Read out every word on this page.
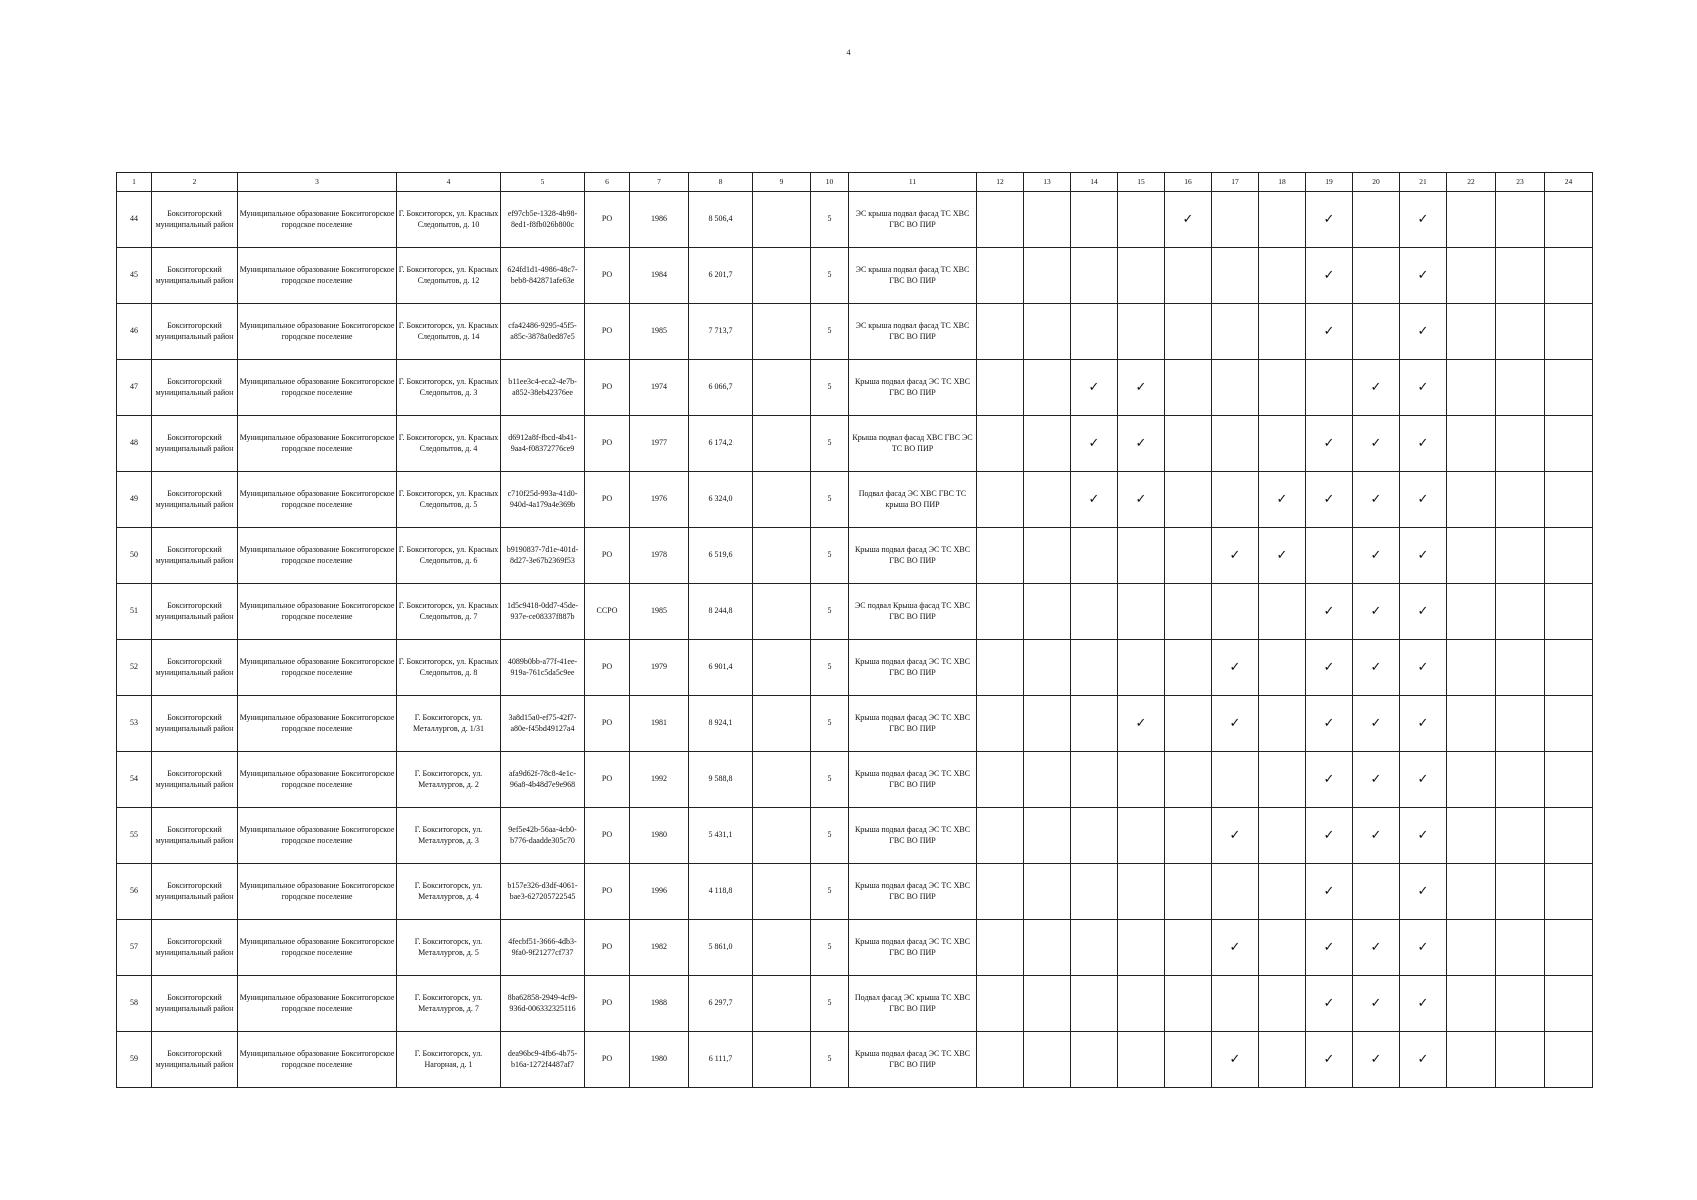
4
1	2	3	4	5	6	7	8	9	10	11	12	13	14	15	16	17	18	19	20	21	22	23	24
44	Бокситогорский муниципальный район	Муниципальное образование Бокситогорское городское поселение	Г. Бокситогорск, ул. Красных Следопытов, д. 10	ef97cb5e-1328-4b98-8ed1-f8fb026b800c	РО	1986	8 506,4		5	ЭС крыша подвал фасад ТС ХВС ГВС ВО ПИР					✓			✓		✓			
45	Бокситогорский муниципальный район	Муниципальное образование Бокситогорское городское поселение	Г. Бокситогорск, ул. Красных Следопытов, д. 12	624fd1d1-4986-48c7-beb8-842871afe63e	РО	1984	6 201,7		5	ЭС крыша подвал фасад ТС ХВС ГВС ВО ПИР								✓		✓			
46	Бокситогорский муниципальный район	Муниципальное образование Бокситогорское городское поселение	Г. Бокситогорск, ул. Красных Следопытов, д. 14	cfa42486-9295-45f5-a85c-3878a0ed87e5	РО	1985	7 713,7		5	ЭС крыша подвал фасад ТС ХВС ГВС ВО ПИР								✓		✓			
47	Бокситогорский муниципальный район	Муниципальное образование Бокситогорское городское поселение	Г. Бокситогорск, ул. Красных Следопытов, д. 3	b11ee3c4-eca2-4e7b-a852-38eb42376ee	РО	1974	6 066,7		5	Крыша подвал фасад ЭС ТС ХВС ГВС ВО ПИР			✓	✓					✓	✓			
48	Бокситогорский муниципальный район	Муниципальное образование Бокситогорское городское поселение	Г. Бокситогорск, ул. Красных Следопытов, д. 4	d6912a8f-fbcd-4b41-9aa4-f08372776ce9	РО	1977	6 174,2		5	Крыша подвал фасад ХВС ГВС ЭС ТС ВО ПИР			✓	✓				✓	✓	✓			
49	Бокситогорский муниципальный район	Муниципальное образование Бокситогорское городское поселение	Г. Бокситогорск, ул. Красных Следопытов, д. 5	c710f25d-993a-41d0-940d-4a179a4e369b	РО	1976	6 324,0		5	Подвал фасад ЭС ХВС ГВС ТС крыша ВО ПИР			✓	✓			✓	✓	✓	✓			
50	Бокситогорский муниципальный район	Муниципальное образование Бокситогорское городское поселение	Г. Бокситогорск, ул. Красных Следопытов, д. 6	b9190837-7d1e-401d-8d27-3e67b2369f53	РО	1978	6 519,6		5	Крыша подвал фасад ЭС ТС ХВС ГВС ВО ПИР						✓	✓		✓	✓			
51	Бокситогорский муниципальный район	Муниципальное образование Бокситогорское городское поселение	Г. Бокситогорск, ул. Красных Следопытов, д. 7	1d5c9418-0dd7-45de-937e-ce08337f887b	ССРО	1985	8 244,8		5	ЭС подвал Крыша фасад ТС ХВС ГВС ВО ПИР								✓	✓	✓			
52	Бокситогорский муниципальный район	Муниципальное образование Бокситогорское городское поселение	Г. Бокситогорск, ул. Красных Следопытов, д. 8	4089b0bb-a77f-41ee-919a-761c5da5c9ee	РО	1979	6 901,4		5	Крыша подвал фасад ЭС ТС ХВС ГВС ВО ПИР						✓		✓	✓	✓			
53	Бокситогорский муниципальный район	Муниципальное образование Бокситогорское городское поселение	Г. Бокситогорск, ул. Металлургов, д. 1/31	3a8d15a0-ef75-42f7-a80e-f45bd49127a4	РО	1981	8 924,1		5	Крыша подвал фасад ЭС ТС ХВС ГВС ВО ПИР				✓		✓		✓	✓	✓			
54	Бокситогорский муниципальный район	Муниципальное образование Бокситогорское городское поселение	Г. Бокситогорск, ул. Металлургов, д. 2	afa9d62f-78c8-4e1c-96a8-4b48d7e9e968	РО	1992	9 588,8		5	Крыша подвал фасад ЭС ТС ХВС ГВС ВО ПИР								✓	✓	✓			
55	Бокситогорский муниципальный район	Муниципальное образование Бокситогорское городское поселение	Г. Бокситогорск, ул. Металлургов, д. 3	9ef5e42b-56aa-4cb0-b776-daadde305c70	РО	1980	5 431,1		5	Крыша подвал фасад ЭС ТС ХВС ГВС ВО ПИР						✓		✓	✓	✓			
56	Бокситогорский муниципальный район	Муниципальное образование Бокситогорское городское поселение	Г. Бокситогорск, ул. Металлургов, д. 4	b157e326-d3df-4061-bae3-627205722545	РО	1996	4 118,8		5	Крыша подвал фасад ЭС ТС ХВС ГВС ВО ПИР								✓		✓			
57	Бокситогорский муниципальный район	Муниципальное образование Бокситогорское городское поселение	Г. Бокситогорск, ул. Металлургов, д. 5	4fecbf51-3666-4db3-9fa0-9f21277cf737	РО	1982	5 861,0		5	Крыша подвал фасад ЭС ТС ХВС ГВС ВО ПИР						✓		✓	✓	✓			
58	Бокситогорский муниципальный район	Муниципальное образование Бокситогорское городское поселение	Г. Бокситогорск, ул. Металлургов, д. 7	8ba62858-2949-4cf9-936d-006332325116	РО	1988	6 297,7		5	Подвал фасад ЭС крыша ТС ХВС ГВС ВО ПИР								✓	✓	✓			
59	Бокситогорский муниципальный район	Муниципальное образование Бокситогорское городское поселение	Г. Бокситогорск, ул. Нагорная, д. 1	dea96bc9-4fb6-4b75-b16a-1272f4487af7	РО	1980	6 111,7		5	Крыша подвал фасад ЭС ТС ХВС ГВС ВО ПИР						✓		✓	✓	✓			
